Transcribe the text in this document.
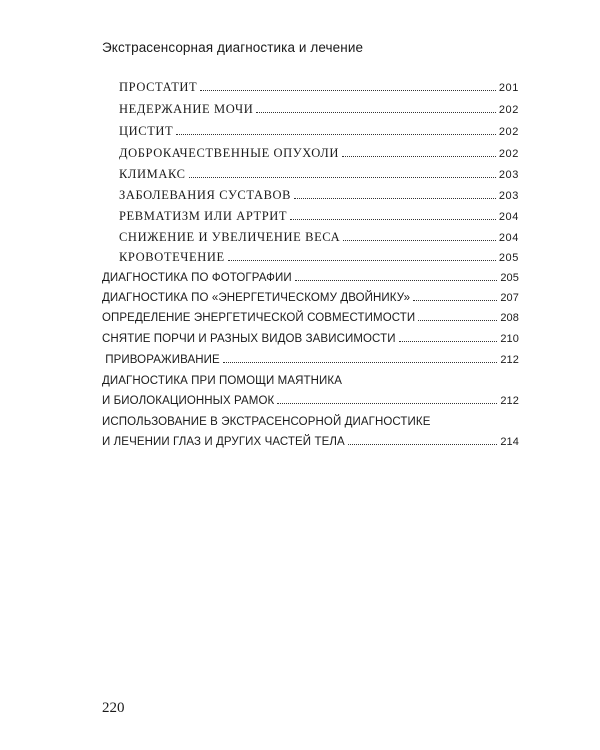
Экстрасенсорная диагностика и лечение
ПРОСТАТИТ	201
НЕДЕРЖАНИЕ МОЧИ	202
ЦИСТИТ	202
ДОБРОКАЧЕСТВЕННЫЕ ОПУХОЛИ	202
КЛИМАКС	203
ЗАБОЛЕВАНИЯ СУСТАВОВ	203
РЕВМАТИЗМ ИЛИ АРТРИТ	204
СНИЖЕНИЕ И УВЕЛИЧЕНИЕ ВЕСА	204
КРОВОТЕЧЕНИЕ	205
ДИАГНОСТИКА ПО ФОТОГРАФИИ	205
ДИАГНОСТИКА ПО «ЭНЕРГЕТИЧЕСКОМУ ДВОЙНИКУ»	207
ОПРЕДЕЛЕНИЕ ЭНЕРГЕТИЧЕСКОЙ СОВМЕСТИМОСТИ	208
СНЯТИЕ ПОРЧИ И РАЗНЫХ ВИДОВ ЗАВИСИМОСТИ	210
ПРИВОРАЖИВАНИЕ	212
ДИАГНОСТИКА ПРИ ПОМОЩИ МАЯТНИКА
И БИОЛОКАЦИОННЫХ РАМОК	212
ИСПОЛЬЗОВАНИЕ В ЭКСТРАСЕНСОРНОЙ ДИАГНОСТИКЕ
И ЛЕЧЕНИИ ГЛАЗ И ДРУГИХ ЧАСТЕЙ ТЕЛА	214
220
